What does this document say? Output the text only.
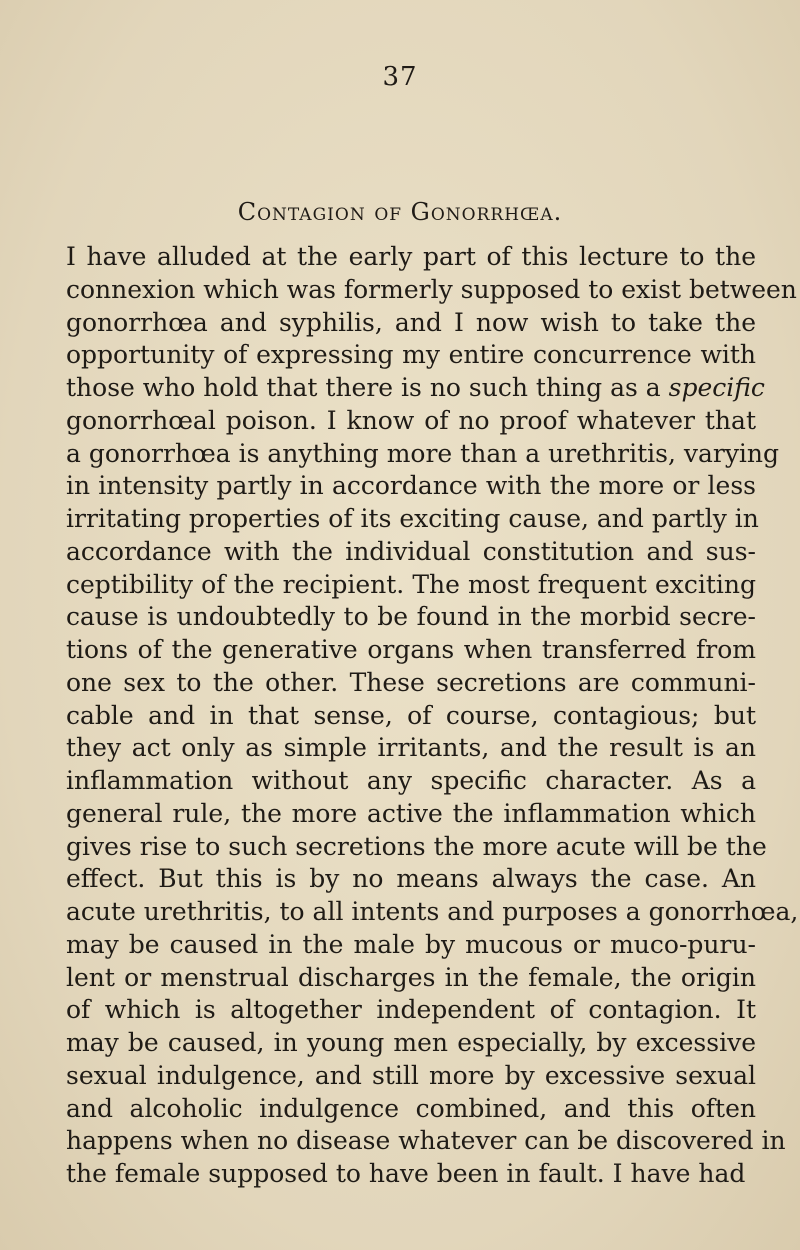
37
Contagion of Gonorrhœa.
I have alluded at the early part of this lecture to the
connexion which was formerly supposed to exist between
gonorrhœa and syphilis, and I now wish to take the
opportunity of expressing my entire concurrence with
those who hold that there is no such thing as a specific
gonorrhœal poison. I know of no proof whatever that
a gonorrhœa is anything more than a urethritis, varying
in intensity partly in accordance with the more or less
irritating properties of its exciting cause, and partly in
accordance with the individual constitution and sus-
ceptibility of the recipient. The most frequent exciting
cause is undoubtedly to be found in the morbid secre-
tions of the generative organs when transferred from
one sex to the other. These secretions are communi-
cable and in that sense, of course, contagious; but
they act only as simple irritants, and the result is an
inflammation without any specific character. As a
general rule, the more active the inflammation which
gives rise to such secretions the more acute will be the
effect. But this is by no means always the case. An
acute urethritis, to all intents and purposes a gonorrhœa,
may be caused in the male by mucous or muco-puru-
lent or menstrual discharges in the female, the origin
of which is altogether independent of contagion. It
may be caused, in young men especially, by excessive
sexual indulgence, and still more by excessive sexual
and alcoholic indulgence combined, and this often
happens when no disease whatever can be discovered in
the female supposed to have been in fault. I have had
